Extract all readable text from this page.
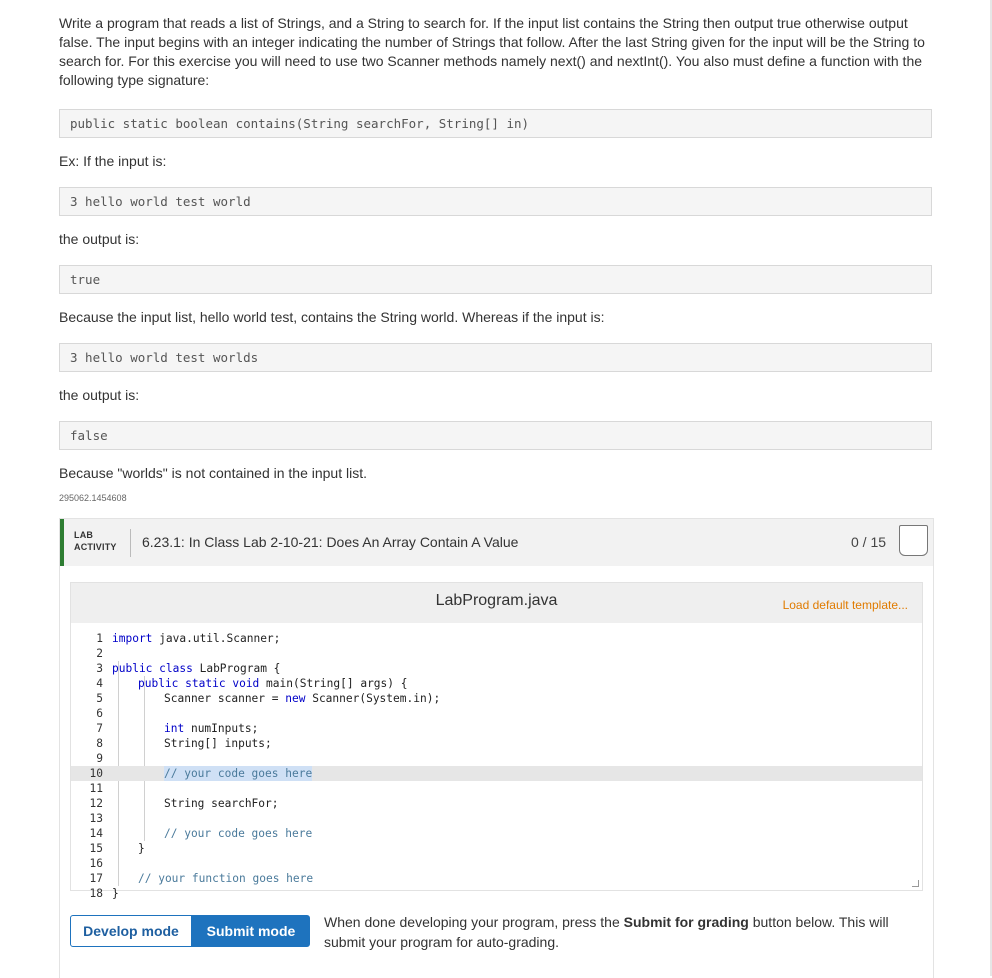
Write a program that reads a list of Strings, and a String to search for. If the input list contains the String then output true otherwise output false. The input begins with an integer indicating the number of Strings that follow. After the last String given for the input will be the String to search for. For this exercise you will need to use two Scanner methods namely next() and nextInt(). You also must define a function with the following type signature:

public static boolean contains(String searchFor, String[] in)

Ex: If the input is:

3 hello world test world

the output is:

true

Because the input list, hello world test, contains the String world. Whereas if the input is:

3 hello world test worlds

the output is:

false

Because "worlds" is not contained in the input list.

295062.1454608
LAB
ACTIVITY 6.23.1: In Class Lab 2-10-21: Does An Array Contain A Value	0 / 15
LabProgram.java	Load default template...
1 import java.util.Scanner;
2
3 public class LabProgram {
4	public static void main(String[] args) {
5	Scanner scanner = new Scanner(System.in);
6
7	int numInputs;
8	String[] inputs;
9
10	// your code goes here
11
12	String searchFor;
13
14	// your code goes here
15	}
16
17	// your function goes here
18 }
Develop mode	Submit mode

When done developing your program, press the Submit for grading button below. This will submit your program for auto-grading.
